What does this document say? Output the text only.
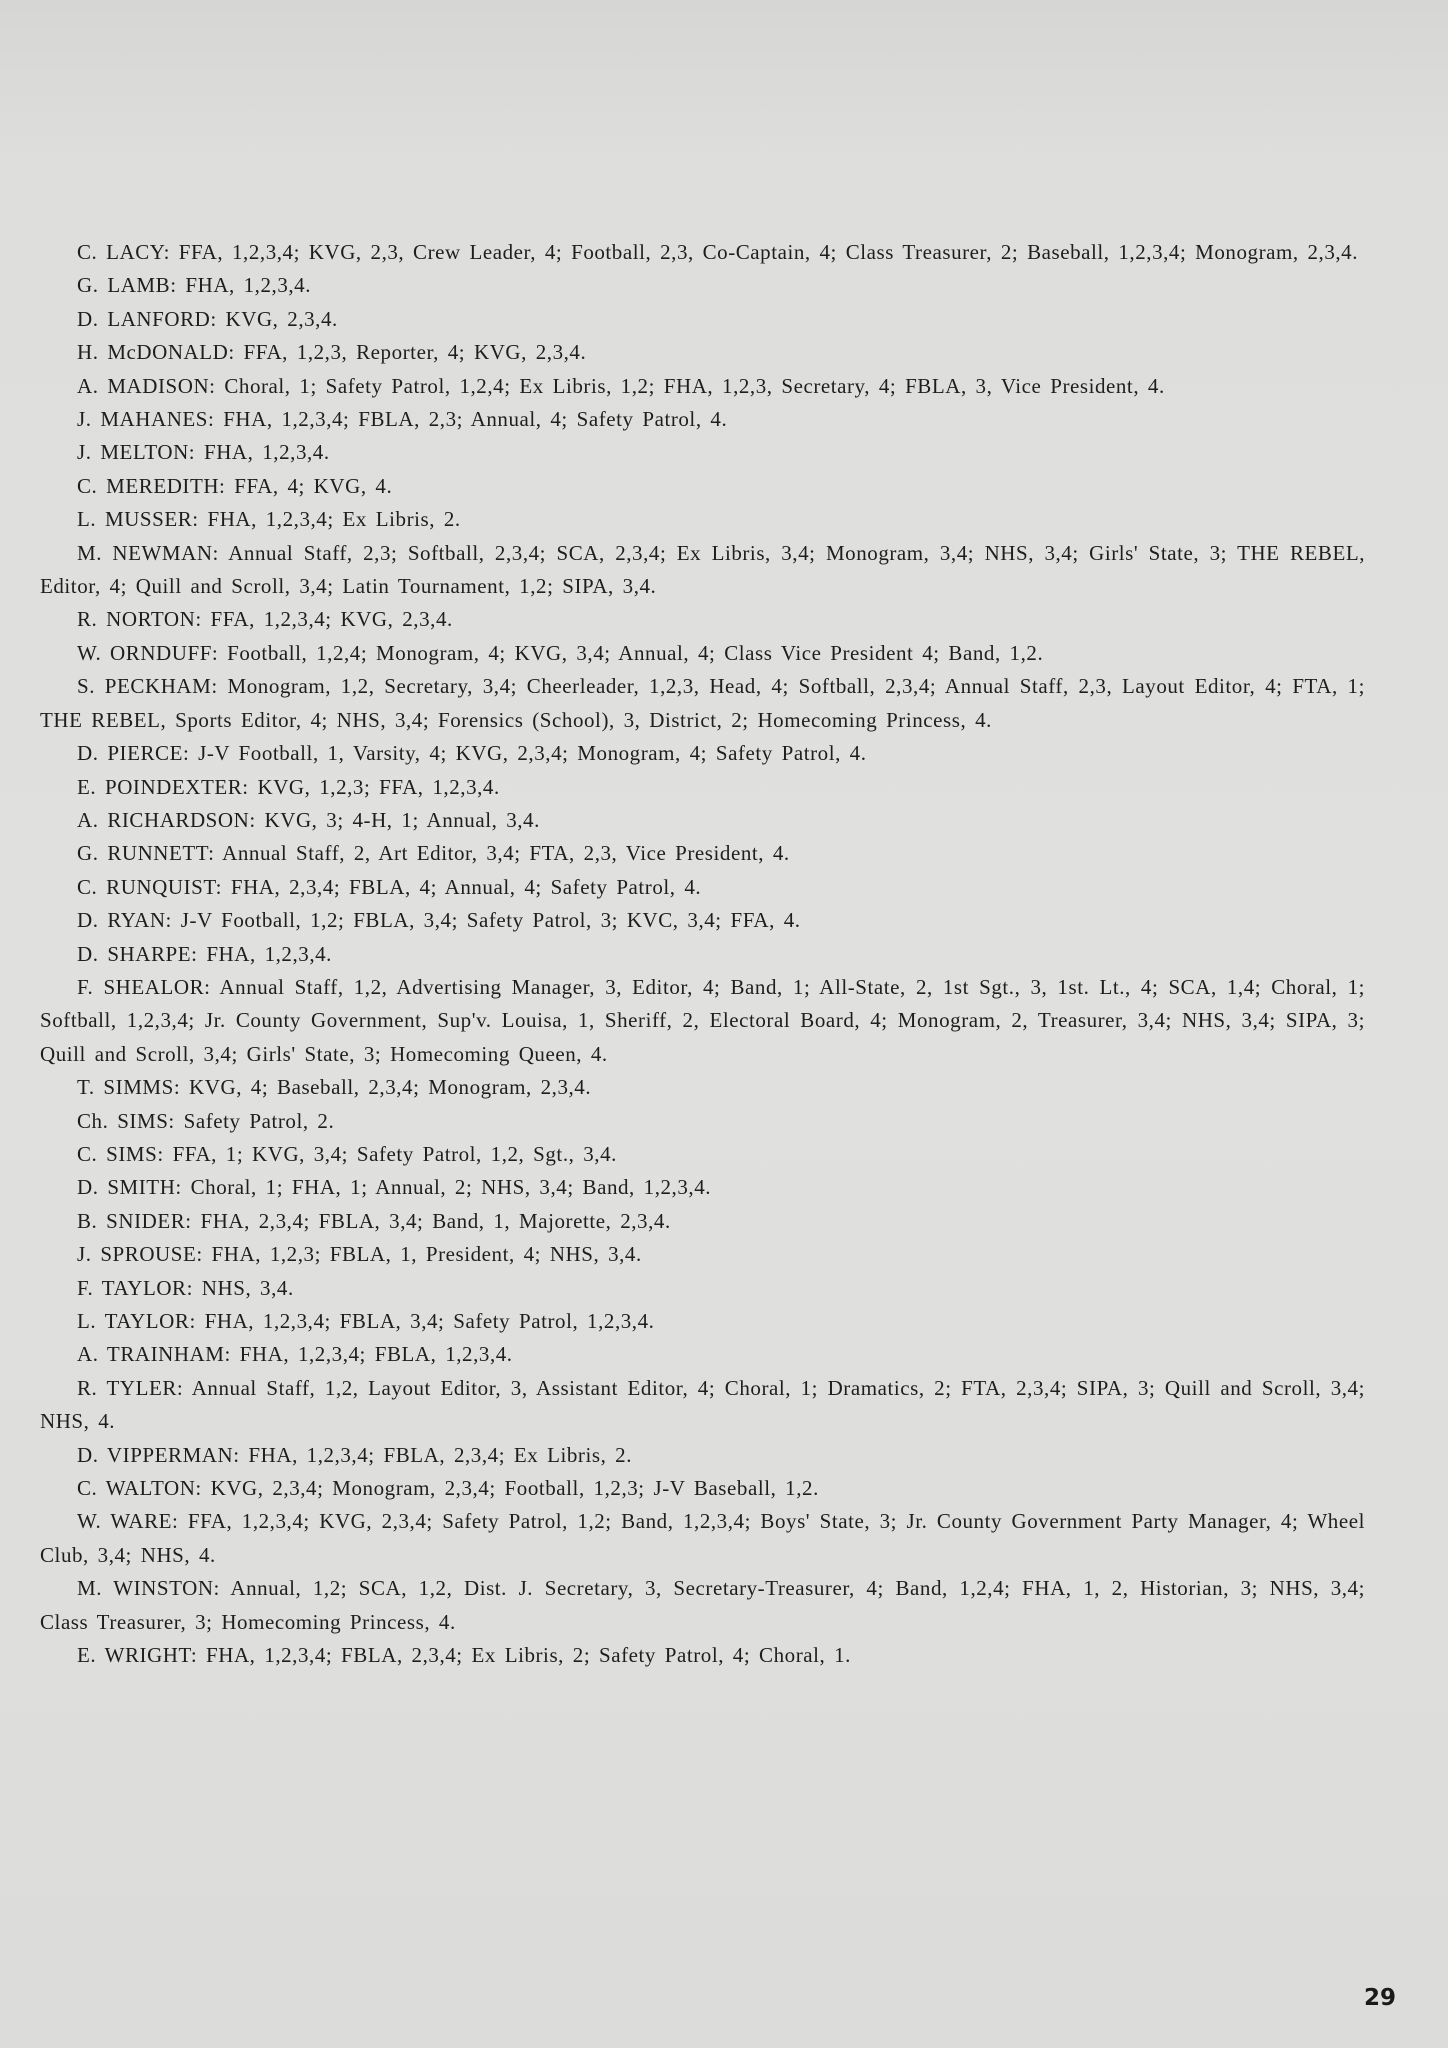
C. LACY: FFA, 1,2,3,4; KVG, 2,3, Crew Leader, 4; Football, 2,3, Co-Captain, 4; Class Treasurer, 2; Baseball, 1,2,3,4; Monogram, 2,3,4.

G. LAMB: FHA, 1,2,3,4.

D. LANFORD: KVG, 2,3,4.

H. McDONALD: FFA, 1,2,3, Reporter, 4; KVG, 2,3,4.

A. MADISON: Choral, 1; Safety Patrol, 1,2,4; Ex Libris, 1,2; FHA, 1,2,3, Secretary, 4; FBLA, 3, Vice President, 4.

J. MAHANES: FHA, 1,2,3,4; FBLA, 2,3; Annual, 4; Safety Patrol, 4.

J. MELTON: FHA, 1,2,3,4.

C. MEREDITH: FFA, 4; KVG, 4.

L. MUSSER: FHA, 1,2,3,4; Ex Libris, 2.

M. NEWMAN: Annual Staff, 2,3; Softball, 2,3,4; SCA, 2,3,4; Ex Libris, 3,4; Monogram, 3,4; NHS, 3,4; Girls' State, 3; THE REBEL, Editor, 4; Quill and Scroll, 3,4; Latin Tournament, 1,2; SIPA, 3,4.

R. NORTON: FFA, 1,2,3,4; KVG, 2,3,4.

W. ORNDUFF: Football, 1,2,4; Monogram, 4; KVG, 3,4; Annual, 4; Class Vice President 4; Band, 1,2.

S. PECKHAM: Monogram, 1,2, Secretary, 3,4; Cheerleader, 1,2,3, Head, 4; Softball, 2,3,4; Annual Staff, 2,3, Layout Editor, 4; FTA, 1; THE REBEL, Sports Editor, 4; NHS, 3,4; Forensics (School), 3, District, 2; Homecoming Princess, 4.

D. PIERCE: J-V Football, 1, Varsity, 4; KVG, 2,3,4; Monogram, 4; Safety Patrol, 4.

E. POINDEXTER: KVG, 1,2,3; FFA, 1,2,3,4.

A. RICHARDSON: KVG, 3; 4-H, 1; Annual, 3,4.

G. RUNNETT: Annual Staff, 2, Art Editor, 3,4; FTA, 2,3, Vice President, 4.

C. RUNQUIST: FHA, 2,3,4; FBLA, 4; Annual, 4; Safety Patrol, 4.

D. RYAN: J-V Football, 1,2; FBLA, 3,4; Safety Patrol, 3; KVC, 3,4; FFA, 4.

D. SHARPE: FHA, 1,2,3,4.

F. SHEALOR: Annual Staff, 1,2, Advertising Manager, 3, Editor, 4; Band, 1; All-State, 2, 1st Sgt., 3, 1st. Lt., 4; SCA, 1,4; Choral, 1; Softball, 1,2,3,4; Jr. County Government, Sup'v. Louisa, 1, Sheriff, 2, Electoral Board, 4; Monogram, 2, Treasurer, 3,4; NHS, 3,4; SIPA, 3; Quill and Scroll, 3,4; Girls' State, 3; Homecoming Queen, 4.

T. SIMMS: KVG, 4; Baseball, 2,3,4; Monogram, 2,3,4.

Ch. SIMS: Safety Patrol, 2.

C. SIMS: FFA, 1; KVG, 3,4; Safety Patrol, 1,2, Sgt., 3,4.

D. SMITH: Choral, 1; FHA, 1; Annual, 2; NHS, 3,4; Band, 1,2,3,4.

B. SNIDER: FHA, 2,3,4; FBLA, 3,4; Band, 1, Majorette, 2,3,4.

J. SPROUSE: FHA, 1,2,3; FBLA, 1, President, 4; NHS, 3,4.

F. TAYLOR: NHS, 3,4.

L. TAYLOR: FHA, 1,2,3,4; FBLA, 3,4; Safety Patrol, 1,2,3,4.

A. TRAINHAM: FHA, 1,2,3,4; FBLA, 1,2,3,4.

R. TYLER: Annual Staff, 1,2, Layout Editor, 3, Assistant Editor, 4; Choral, 1; Dramatics, 2; FTA, 2,3,4; SIPA, 3; Quill and Scroll, 3,4; NHS, 4.

D. VIPPERMAN: FHA, 1,2,3,4; FBLA, 2,3,4; Ex Libris, 2.

C. WALTON: KVG, 2,3,4; Monogram, 2,3,4; Football, 1,2,3; J-V Baseball, 1,2.

W. WARE: FFA, 1,2,3,4; KVG, 2,3,4; Safety Patrol, 1,2; Band, 1,2,3,4; Boys' State, 3; Jr. County Government Party Manager, 4; Wheel Club, 3,4; NHS, 4.

M. WINSTON: Annual, 1,2; SCA, 1,2, Dist. J. Secretary, 3, Secretary-Treasurer, 4; Band, 1,2,4; FHA, 1, 2, Historian, 3; NHS, 3,4; Class Treasurer, 3; Homecoming Princess, 4.

E. WRIGHT: FHA, 1,2,3,4; FBLA, 2,3,4; Ex Libris, 2; Safety Patrol, 4; Choral, 1.

29
